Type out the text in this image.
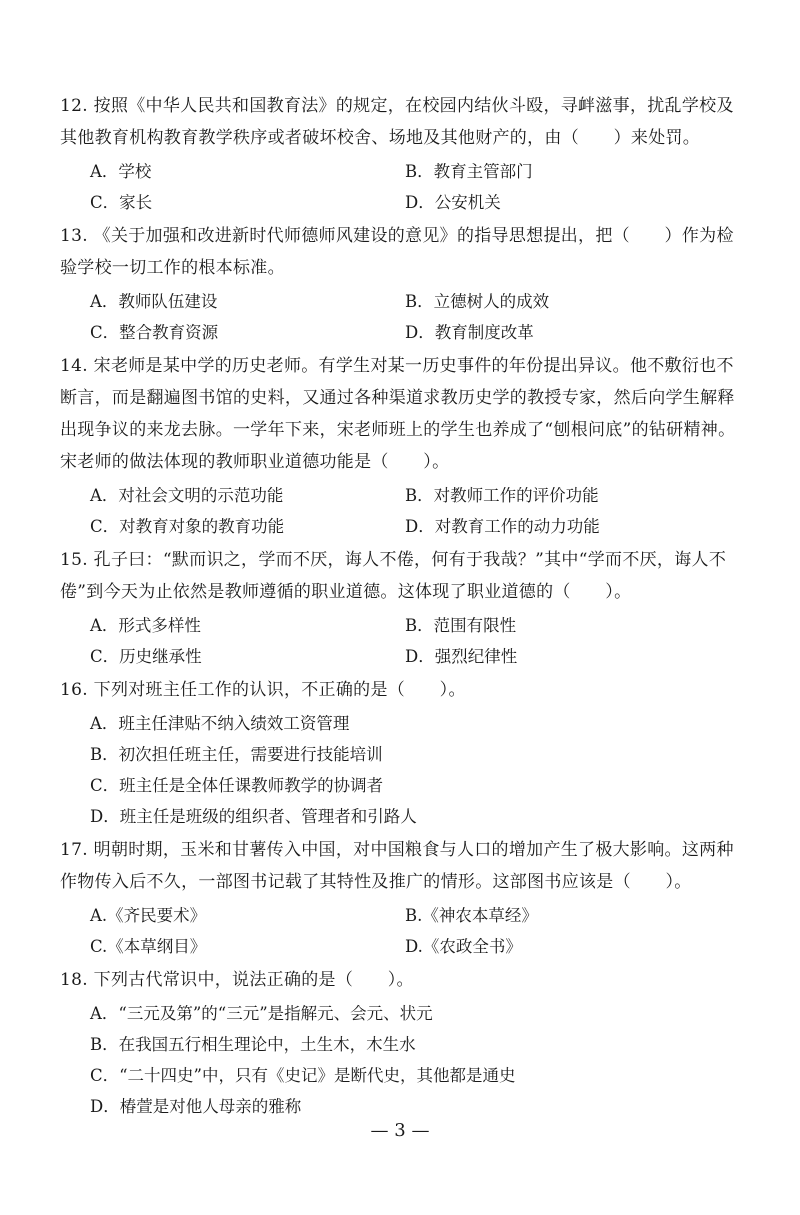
12. 按照《中华人民共和国教育法》的规定，在校园内结伙斗殴，寻衅滋事，扰乱学校及其他教育机构教育教学秩序或者破坏校舍、场地及其他财产的，由（　　）来处罚。

A．学校	B．教育主管部门
C．家长	D．公安机关

13. 《关于加强和改进新时代师德师风建设的意见》的指导思想提出，把（　　）作为检验学校一切工作的根本标准。

A．教师队伍建设	B．立德树人的成效
C．整合教育资源	D．教育制度改革

14. 宋老师是某中学的历史老师。有学生对某一历史事件的年份提出异议。他不敷衍也不断言，而是翻遍图书馆的史料，又通过各种渠道求教历史学的教授专家，然后向学生解释出现争议的来龙去脉。一学年下来，宋老师班上的学生也养成了“刨根问底”的钻研精神。宋老师的做法体现的教师职业道德功能是（　　）。

A．对社会文明的示范功能	B．对教师工作的评价功能
C．对教育对象的教育功能	D．对教育工作的动力功能

15. 孔子曰：“默而识之，学而不厌，诲人不倦，何有于我哉？”其中“学而不厌，诲人不倦”到今天为止依然是教师遵循的职业道德。这体现了职业道德的（　　）。

A．形式多样性	B．范围有限性
C．历史继承性	D．强烈纪律性

16. 下列对班主任工作的认识，不正确的是（　　）。

A．班主任津贴不纳入绩效工资管理
B．初次担任班主任，需要进行技能培训
C．班主任是全体任课教师教学的协调者
D．班主任是班级的组织者、管理者和引路人

17. 明朝时期，玉米和甘薯传入中国，对中国粮食与人口的增加产生了极大影响。这两种作物传入后不久，一部图书记载了其特性及推广的情形。这部图书应该是（　　）。

A.《齐民要术》	B.《神农本草经》
C.《本草纲目》	D.《农政全书》

18. 下列古代常识中，说法正确的是（　　）。

A．“三元及第”的“三元”是指解元、会元、状元
B．在我国五行相生理论中，土生木，木生水
C．“二十四史”中，只有《史记》是断代史，其他都是通史
D．椿萱是对他人母亲的雅称
— 3 —
